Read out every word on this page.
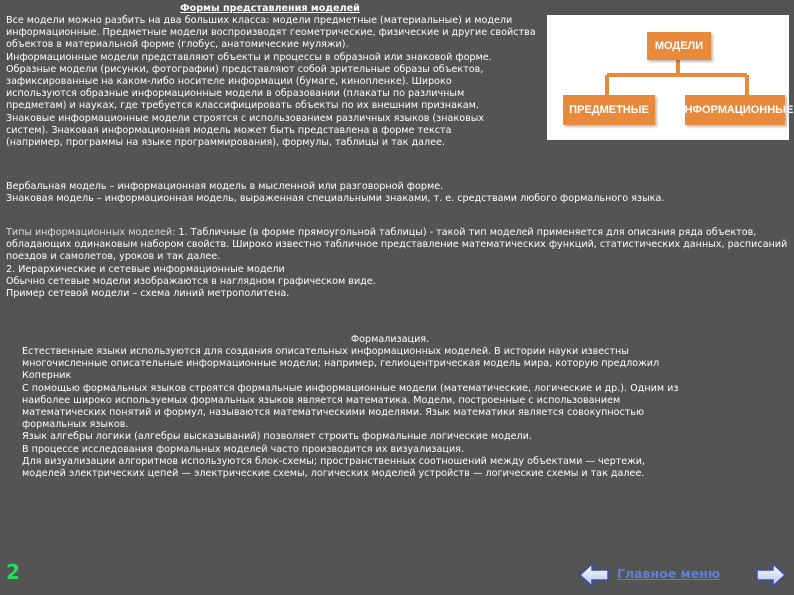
Формы представления моделей
Все модели можно разбить на два больших класса: модели предметные (материальные) и модели
информационные. Предметные модели воспроизводят геометрические, физические и другие свойства
объектов в материальной форме (глобус, анатомические муляжи).
Информационные модели представляют объекты и процессы в образной или знаковой форме.
Образные модели (рисунки, фотографии) представляют собой зрительные образы объектов,
зафиксированные на каком-либо носителе информации (бумаге, кинопленке). Широко
используются образные информационные модели в образовании (плакаты по различным
предметам) и науках, где требуется классифицировать объекты по их внешним признакам.
Знаковые информационные модели строятся с использованием различных языков (знаковых
систем). Знаковая информационная модель может быть представлена в форме текста
(например, программы на языке программирования), формулы, таблицы и так далее.
МОДЕЛИ
ПРЕДМЕТНЫЕ	ИНФОРМАЦИОННЫЕ
Вербальная модель – информационная модель в мысленной или разговорной форме.
Знаковая модель – информационная модель, выраженная специальными знаками, т. е. средствами любого формального языка.
Типы информационных моделей: 1. Табличные (в форме прямоугольной таблицы) - такой тип моделей применяется для описания ряда объектов,
обладающих одинаковым набором свойств. Широко известно табличное представление математических функций, статистических данных, расписаний
поездов и самолетов, уроков и так далее.
2. Иерархические и сетевые информационные модели
Обычно сетевые модели изображаются в наглядном графическом виде.
Пример сетевой модели – схема линий метрополитена.
Формализация.
Естественные языки используются для создания описательных информационных моделей. В истории науки известны
многочисленные описательные информационные модели; например, гелиоцентрическая модель мира, которую предложил
Коперник
С помощью формальных языков строятся формальные информационные модели (математические, логические и др.). Одним из
наиболее широко используемых формальных языков является математика. Модели, построенные с использованием
математических понятий и формул, называются математическими моделями. Язык математики является совокупностью
формальных языков.
Язык алгебры логики (алгебры высказываний) позволяет строить формальные логические модели.
В процессе исследования формальных моделей часто производится их визуализация.
Для визуализации алгоритмов используются блок-схемы; пространственных соотношений между объектами — чертежи,
моделей электрических цепей — электрические схемы, логических моделей устройств — логические схемы и так далее.
2	Главное меню
